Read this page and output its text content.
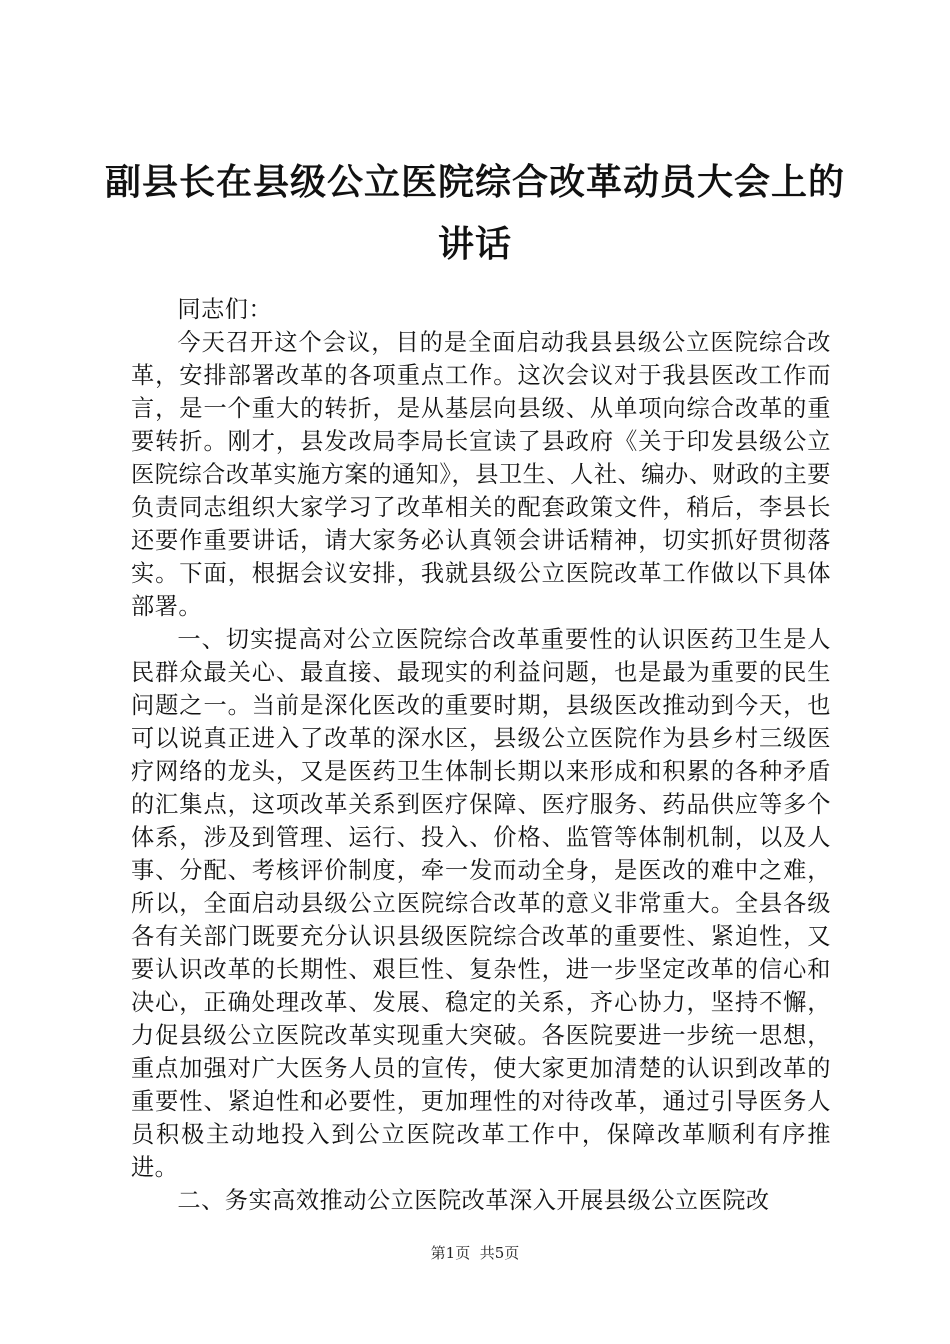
副县长在县级公立医院综合改革动员大会上的
讲话

同志们：

今天召开这个会议，目的是全面启动我县县级公立医院综合改革，安排部署改革的各项重点工作。这次会议对于我县医改工作而言，是一个重大的转折，是从基层向县级、从单项向综合改革的重要转折。刚才，县发改局李局长宣读了县政府《关于印发县级公立医院综合改革实施方案的通知》，县卫生、人社、编办、财政的主要负责同志组织大家学习了改革相关的配套政策文件，稍后，李县长还要作重要讲话，请大家务必认真领会讲话精神，切实抓好贯彻落实。下面，根据会议安排，我就县级公立医院改革工作做以下具体部署。

一、切实提高对公立医院综合改革重要性的认识医药卫生是人民群众最关心、最直接、最现实的利益问题，也是最为重要的民生问题之一。当前是深化医改的重要时期，县级医改推动到今天，也可以说真正进入了改革的深水区，县级公立医院作为县乡村三级医疗网络的龙头，又是医药卫生体制长期以来形成和积累的各种矛盾的汇集点，这项改革关系到医疗保障、医疗服务、药品供应等多个体系，涉及到管理、运行、投入、价格、监管等体制机制，以及人事、分配、考核评价制度，牵一发而动全身，是医改的难中之难，所以，全面启动县级公立医院综合改革的意义非常重大。全县各级各有关部门既要充分认识县级医院综合改革的重要性、紧迫性，又要认识改革的长期性、艰巨性、复杂性，进一步坚定改革的信心和决心，正确处理改革、发展、稳定的关系，齐心协力，坚持不懈，力促县级公立医院改革实现重大突破。各医院要进一步统一思想，重点加强对广大医务人员的宣传，使大家更加清楚的认识到改革的重要性、紧迫性和必要性，更加理性的对待改革，通过引导医务人员积极主动地投入到公立医院改革工作中，保障改革顺利有序推进。

二、务实高效推动公立医院改革深入开展县级公立医院改

第1页 共5页
